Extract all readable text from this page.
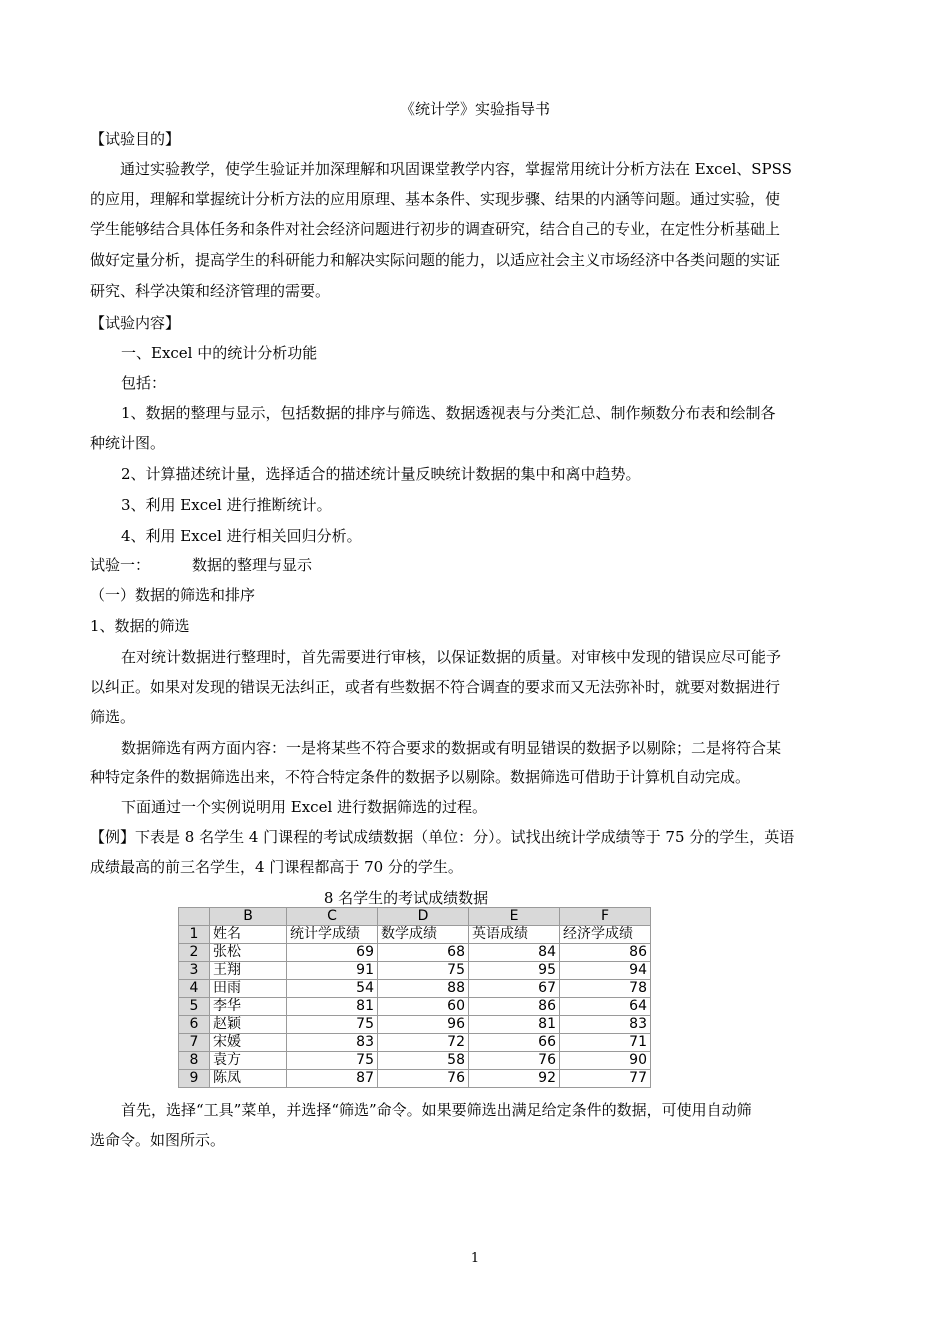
《统计学》实验指导书
【试验目的】
通过实验教学，使学生验证并加深理解和巩固课堂教学内容，掌握常用统计分析方法在 Excel、SPSS
的应用，理解和掌握统计分析方法的应用原理、基本条件、实现步骤、结果的内涵等问题。通过实验，使
学生能够结合具体任务和条件对社会经济问题进行初步的调查研究，结合自己的专业，在定性分析基础上
做好定量分析，提高学生的科研能力和解决实际问题的能力，以适应社会主义市场经济中各类问题的实证
研究、科学决策和经济管理的需要。
【试验内容】
一、Excel 中的统计分析功能
包括：
1、数据的整理与显示，包括数据的排序与筛选、数据透视表与分类汇总、制作频数分布表和绘制各
种统计图。
2、计算描述统计量，选择适合的描述统计量反映统计数据的集中和离中趋势。
3、利用 Excel 进行推断统计。
4、利用 Excel 进行相关回归分析。
试验一：	数据的整理与显示
（一）数据的筛选和排序
1、数据的筛选
在对统计数据进行整理时，首先需要进行审核，以保证数据的质量。对审核中发现的错误应尽可能予
以纠正。如果对发现的错误无法纠正，或者有些数据不符合调查的要求而又无法弥补时，就要对数据进行
筛选。
数据筛选有两方面内容：一是将某些不符合要求的数据或有明显错误的数据予以剔除；二是将符合某
种特定条件的数据筛选出来，不符合特定条件的数据予以剔除。数据筛选可借助于计算机自动完成。
下面通过一个实例说明用 Excel 进行数据筛选的过程。
【例】下表是 8 名学生 4 门课程的考试成绩数据（单位：分）。试找出统计学成绩等于 75 分的学生，英语
成绩最高的前三名学生，4 门课程都高于 70 分的学生。
8 名学生的考试成绩数据
	B	C	D	E	F
1	姓名	统计学成绩	数学成绩	英语成绩	经济学成绩
2	张松	69	68	84	86
3	王翔	91	75	95	94
4	田雨	54	88	67	78
5	李华	81	60	86	64
6	赵颖	75	96	81	83
7	宋媛	83	72	66	71
8	袁方	75	58	76	90
9	陈凤	87	76	92	77
首先，选择“工具”菜单，并选择“筛选”命令。如果要筛选出满足给定条件的数据，可使用自动筛
选命令。如图所示。
1
